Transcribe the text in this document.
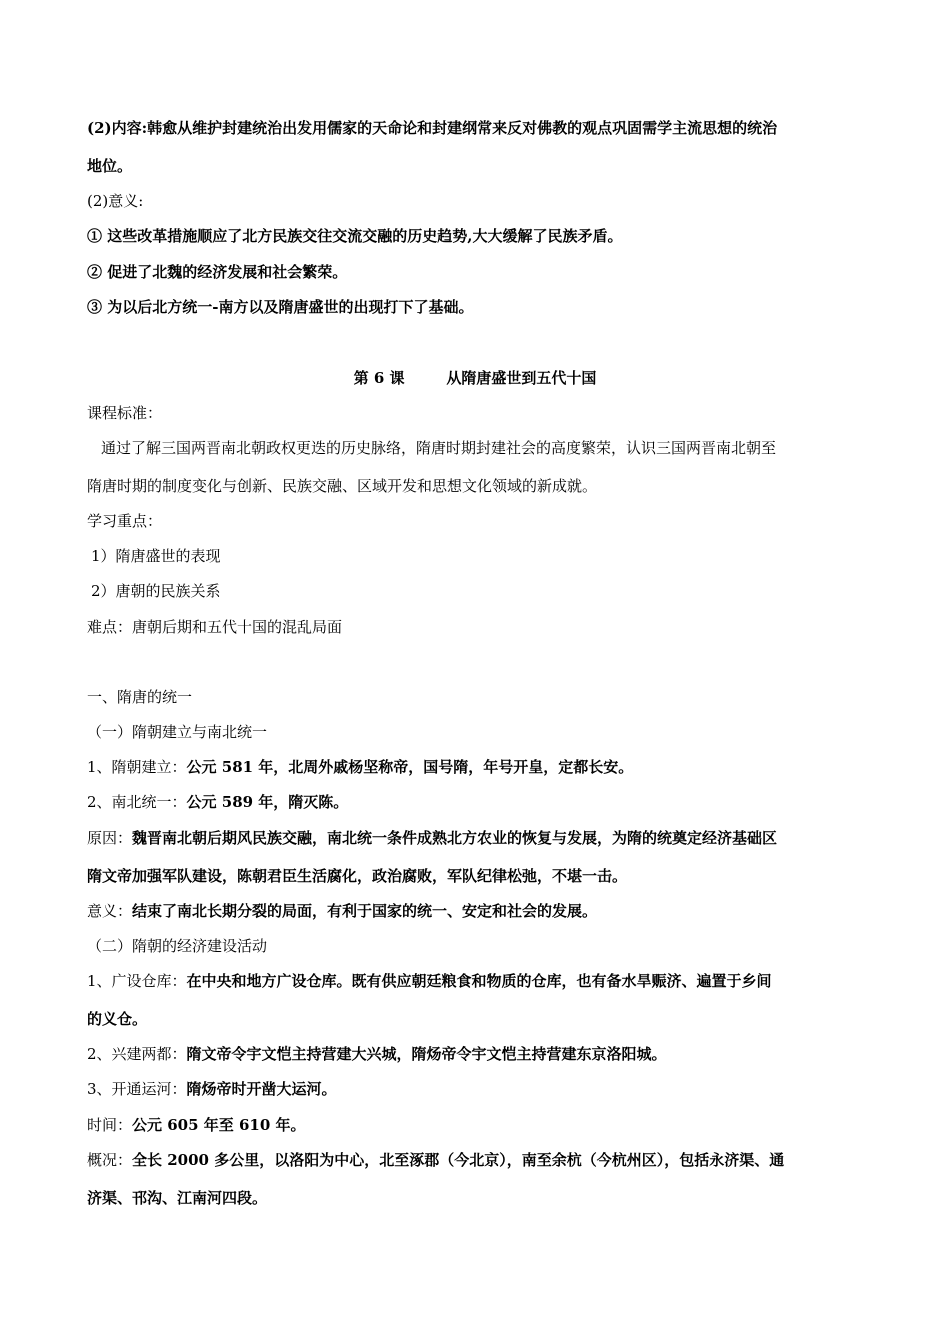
(2)内容:韩愈从维护封建统治出发用儒家的天命论和封建纲常来反对佛教的观点巩固需学主流思想的统治
地位。
(2)意义:
① 这些改革措施顺应了北方民族交往交流交融的历史趋势,大大缓解了民族矛盾。
② 促进了北魏的经济发展和社会繁荣。
③ 为以后北方统一-南方以及隋唐盛世的出现打下了基础。
第 6 课        从隋唐盛世到五代十国
课程标准：
通过了解三国两晋南北朝政权更迭的历史脉络，隋唐时期封建社会的高度繁荣，认识三国两晋南北朝至
隋唐时期的制度变化与创新、民族交融、区域开发和思想文化领域的新成就。
学习重点：
1）隋唐盛世的表现
2）唐朝的民族关系
难点：唐朝后期和五代十国的混乱局面
一、隋唐的统一
（一）隋朝建立与南北统一
1、隋朝建立：公元 581 年，北周外戚杨坚称帝，国号隋，年号开皇，定都长安。
2、南北统一：公元 589 年，隋灭陈。
原因：魏晋南北朝后期风民族交融，南北统一条件成熟北方农业的恢复与发展，为隋的统奠定经济基础区
隋文帝加强军队建设，陈朝君臣生活腐化，政治腐败，军队纪律松弛，不堪一击。
意义：结束了南北长期分裂的局面，有利于国家的统一、安定和社会的发展。
（二）隋朝的经济建设活动
1、广设仓库：在中央和地方广设仓库。既有供应朝廷粮食和物质的仓库，也有备水旱赈济、遍置于乡间
的义仓。
2、兴建两都：隋文帝令宇文恺主持营建大兴城，隋炀帝令宇文恺主持营建东京洛阳城。
3、开通运河：隋炀帝时开凿大运河。
时间：公元 605 年至 610 年。
概况：全长 2000 多公里，以洛阳为中心，北至涿郡（今北京），南至余杭（今杭州区），包括永济渠、通
济渠、邗沟、江南河四段。
